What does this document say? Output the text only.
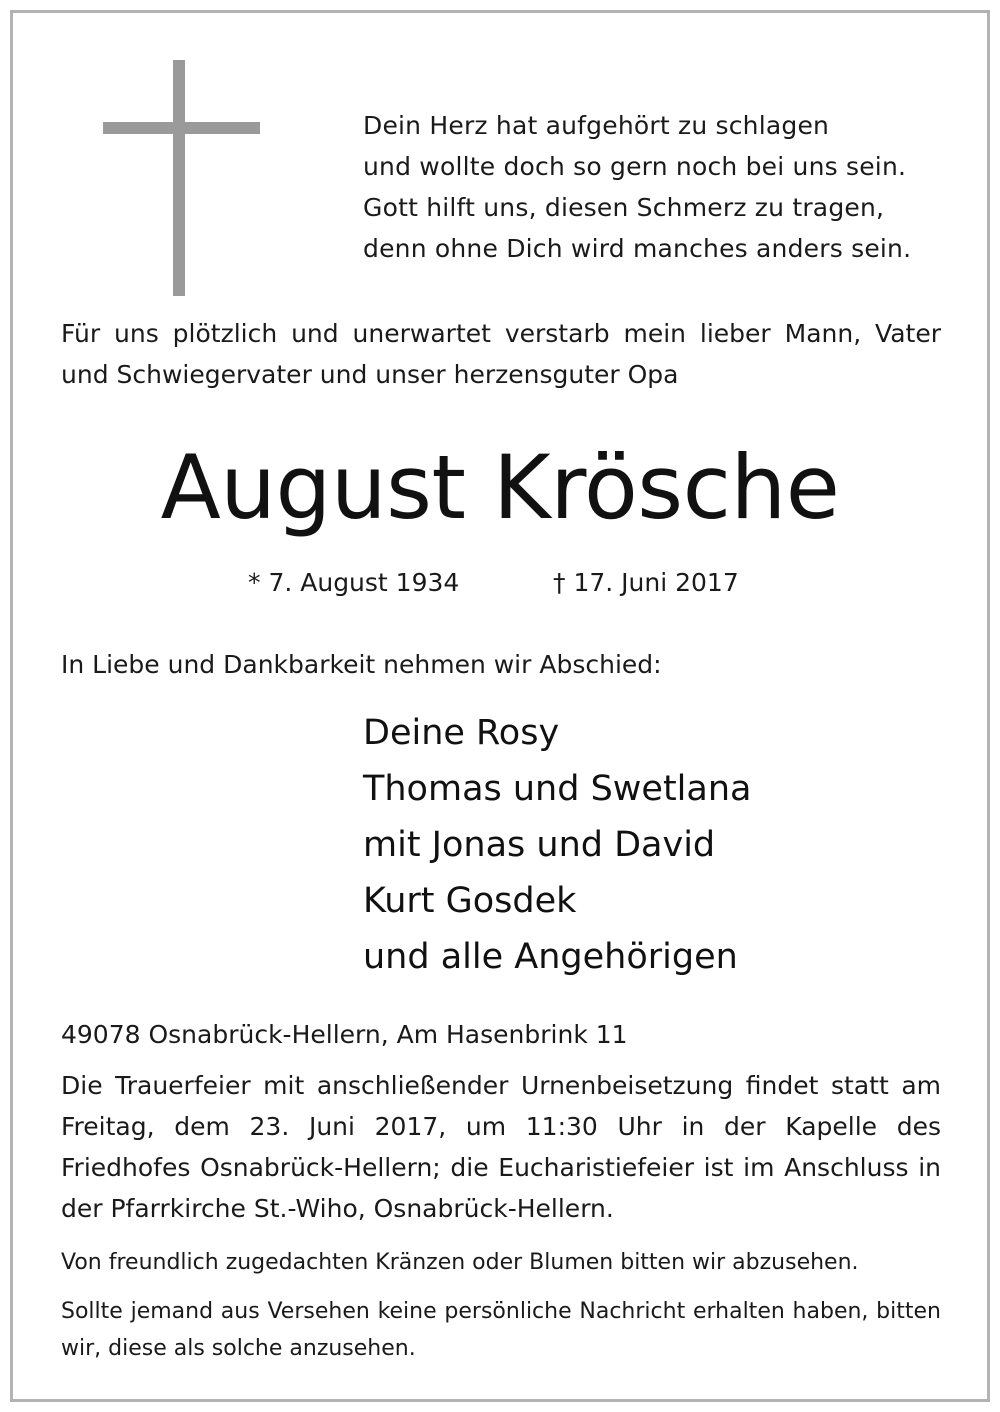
Dein Herz hat aufgehört zu schlagen
und wollte doch so gern noch bei uns sein.
Gott hilft uns, diesen Schmerz zu tragen,
denn ohne Dich wird manches anders sein.
Für uns plötzlich und unerwartet verstarb mein lieber Mann, Vater und Schwiegervater und unser herzensguter Opa
August Krösche
* 7. August 1934	† 17. Juni 2017
In Liebe und Dankbarkeit nehmen wir Abschied:
Deine Rosy
Thomas und Swetlana
mit Jonas und David
Kurt Gosdek
und alle Angehörigen
49078 Osnabrück-Hellern, Am Hasenbrink 11
Die Trauerfeier mit anschließender Urnenbeisetzung findet statt am Freitag, dem 23. Juni 2017, um 11:30 Uhr in der Kapelle des Friedhofes Osnabrück-Hellern; die Eucharistiefeier ist im Anschluss in der Pfarrkirche St.-Wiho, Osnabrück-Hellern.
Von freundlich zugedachten Kränzen oder Blumen bitten wir abzusehen.
Sollte jemand aus Versehen keine persönliche Nachricht erhalten haben, bitten wir, diese als solche anzusehen.
